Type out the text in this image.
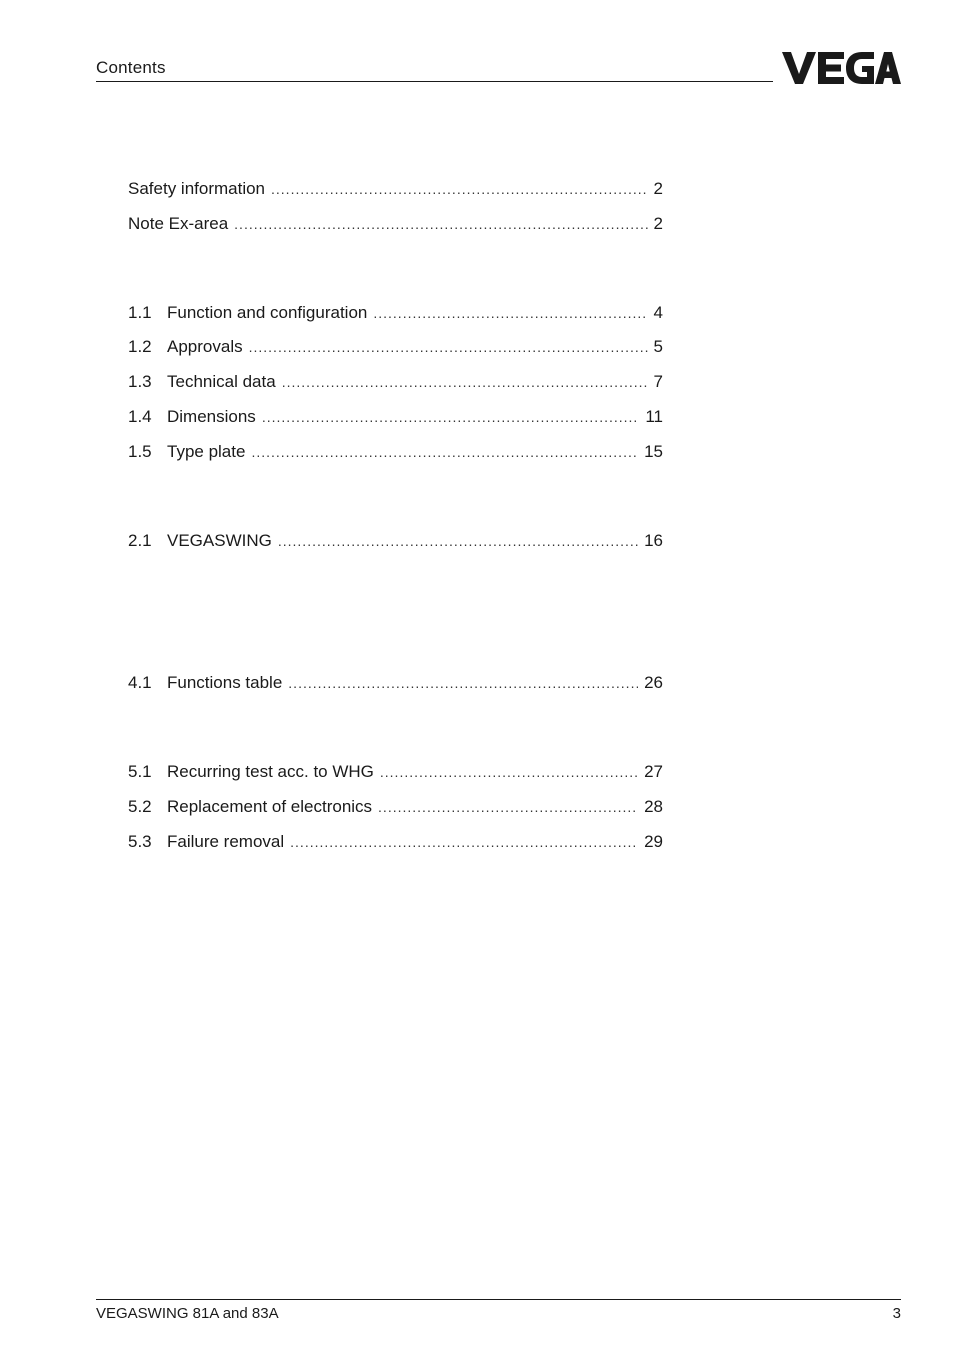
Contents
Safety information .....	2
Note Ex-area .....	2
1.1 Function and configuration .....	4
1.2 Approvals .....	5
1.3 Technical data .....	7
1.4 Dimensions .....	11
1.5 Type plate .....	15
2.1 VEGASWING .....	16
4.1 Functions table .....	26
5.1 Recurring test acc. to WHG .....	27
5.2 Replacement of electronics .....	28
5.3 Failure removal .....	29
VEGASWING 81A and 83A	3
